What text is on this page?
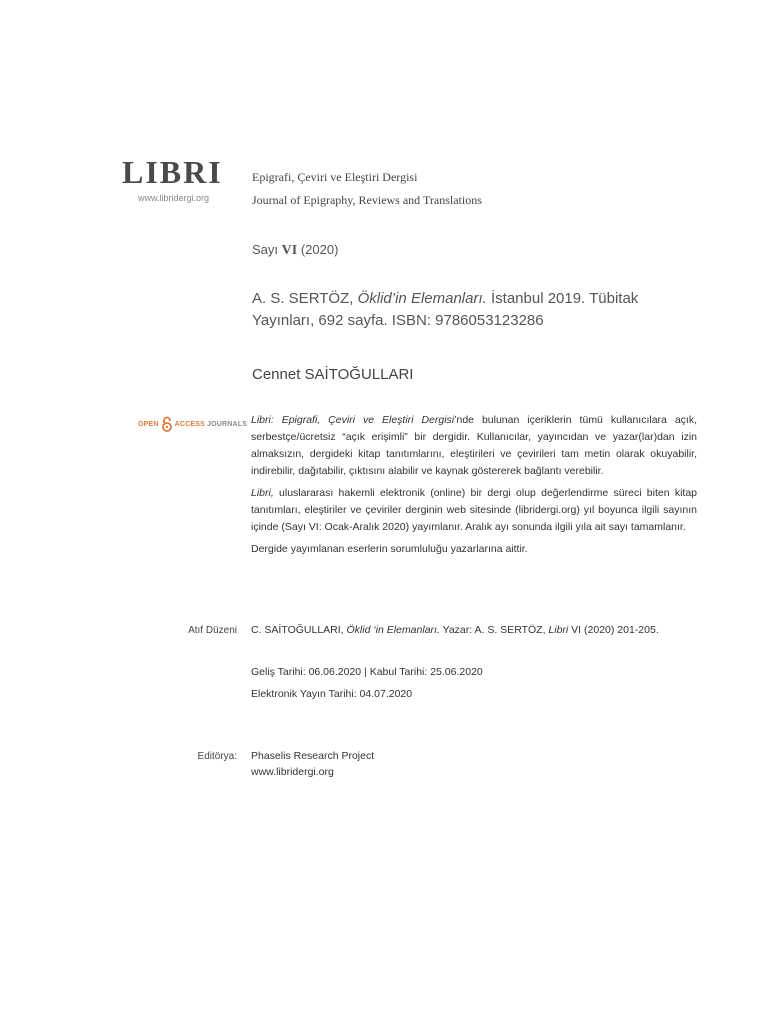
LIBRI
www.libridergi.org
Epigrafi, Çeviri ve Eleştiri Dergisi
Journal of Epigraphy, Reviews and Translations
Sayı VI (2020)
A. S. SERTÖZ, Öklid’in Elemanları. İstanbul 2019. Tübitak Yayınları, 692 sayfa. ISBN: 9786053123286
Cennet SAİTOĞULLARI
OPEN ACCESS JOURNALS Libri: Epigrafi, Çeviri ve Eleştiri Dergisi’nde bulunan içeriklerin tümü kullanıcılara açık, serbestçe/ücretsiz “açık erişimli” bir dergidir. Kullanıcılar, yayıncıdan ve yazar(lar)dan izin almaksızın, dergideki kitap tanıtımlarını, eleştirileri ve çevirileri tam metin olarak okuyabilir, indirebilir, dağıtabilir, çıktısını alabilir ve kaynak göstererek bağlantı verebilir.

Libri, uluslararası hakemli elektronik (online) bir dergi olup değerlendirme süreci biten kitap tanıtımları, eleştiriler ve çeviriler derginin web sitesinde (libridergi.org) yıl boyunca ilgili sayının içinde (Sayı VI: Ocak-Aralık 2020) yayımlanır. Aralık ayı sonunda ilgili yıla ait sayı tamamlanır.

Dergide yayımlanan eserlerin sorumluluğu yazarlarına aittir.

Atıf Düzeni C. SAİTOĞULLARI, Öklid ‘in Elemanları. Yazar: A. S. SERTÖZ, Libri VI (2020) 201-205.
Geliş Tarihi: 06.06.2020 | Kabul Tarihi: 25.06.2020
Elektronik Yayın Tarihi: 04.07.2020
Editörya: Phaselis Research Project
www.libridergi.org
